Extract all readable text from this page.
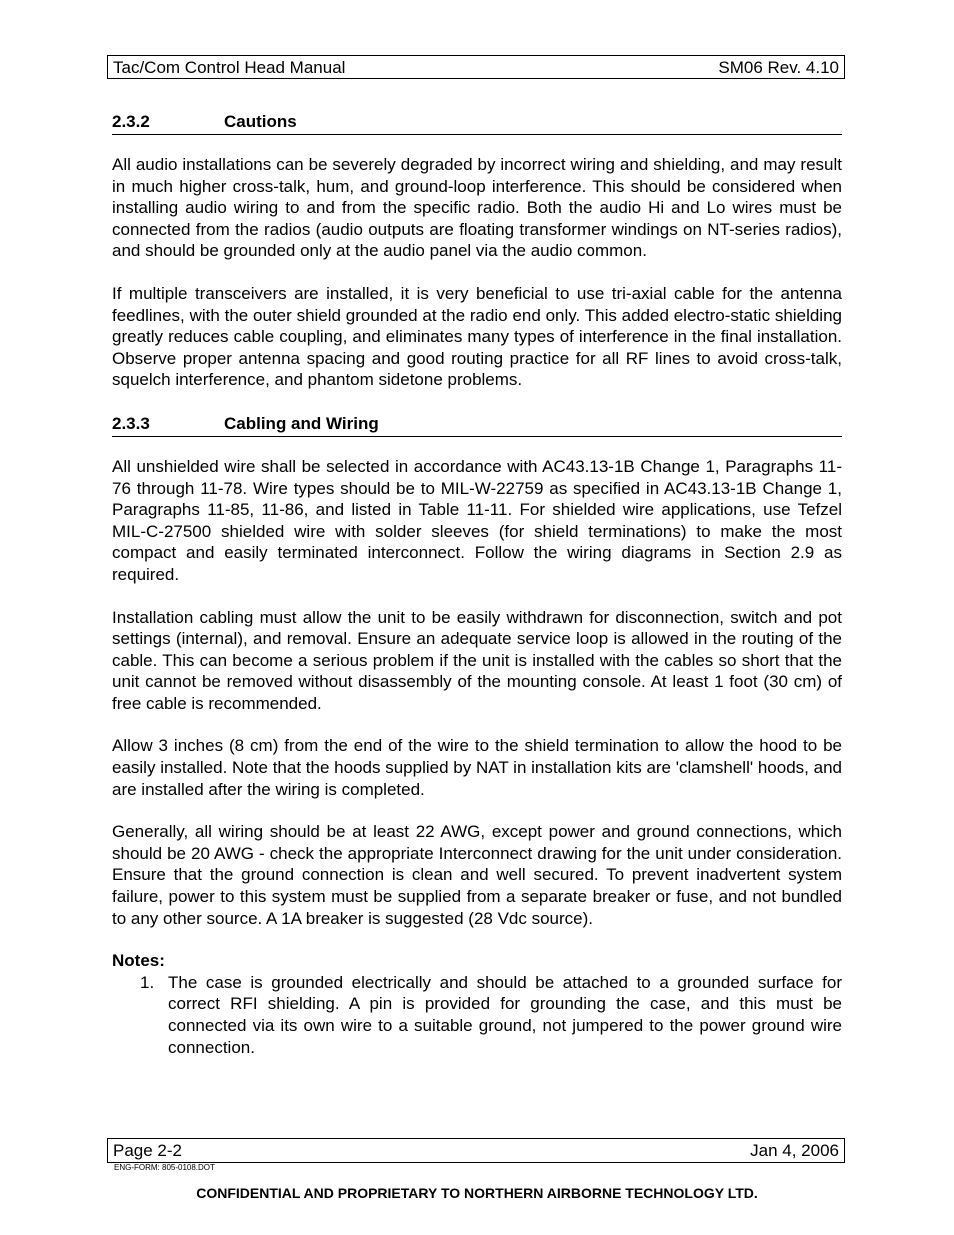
Tac/Com Control Head Manual	SM06 Rev. 4.10
2.3.2	Cautions

All audio installations can be severely degraded by incorrect wiring and shielding, and may result in much higher cross-talk, hum, and ground-loop interference. This should be considered when installing audio wiring to and from the specific radio. Both the audio Hi and Lo wires must be connected from the radios (audio outputs are floating transformer windings on NT-series radios), and should be grounded only at the audio panel via the audio common.

If multiple transceivers are installed, it is very beneficial to use tri-axial cable for the antenna feedlines, with the outer shield grounded at the radio end only. This added electro-static shielding greatly reduces cable coupling, and eliminates many types of interference in the final installation. Observe proper antenna spacing and good routing practice for all RF lines to avoid cross-talk, squelch interference, and phantom sidetone problems.

2.3.3	Cabling and Wiring

All unshielded wire shall be selected in accordance with AC43.13-1B Change 1, Paragraphs 11-76 through 11-78. Wire types should be to MIL-W-22759 as specified in AC43.13-1B Change 1, Paragraphs 11-85, 11-86, and listed in Table 11-11. For shielded wire applications, use Tefzel MIL-C-27500 shielded wire with solder sleeves (for shield terminations) to make the most compact and easily terminated interconnect. Follow the wiring diagrams in Section 2.9 as required.

Installation cabling must allow the unit to be easily withdrawn for disconnection, switch and pot settings (internal), and removal. Ensure an adequate service loop is allowed in the routing of the cable. This can become a serious problem if the unit is installed with the cables so short that the unit cannot be removed without disassembly of the mounting console. At least 1 foot (30 cm) of free cable is recommended.

Allow 3 inches (8 cm) from the end of the wire to the shield termination to allow the hood to be easily installed. Note that the hoods supplied by NAT in installation kits are 'clamshell' hoods, and are installed after the wiring is completed.

Generally, all wiring should be at least 22 AWG, except power and ground connections, which should be 20 AWG - check the appropriate Interconnect drawing for the unit under consideration. Ensure that the ground connection is clean and well secured. To prevent inadvertent system failure, power to this system must be supplied from a separate breaker or fuse, and not bundled to any other source. A 1A breaker is suggested (28 Vdc source).

Notes:
1. The case is grounded electrically and should be attached to a grounded surface for correct RFI shielding. A pin is provided for grounding the case, and this must be connected via its own wire to a suitable ground, not jumpered to the power ground wire connection.
Page 2-2	Jan 4, 2006
ENG-FORM: 805-0108.DOT
CONFIDENTIAL AND PROPRIETARY TO NORTHERN AIRBORNE TECHNOLOGY LTD.
